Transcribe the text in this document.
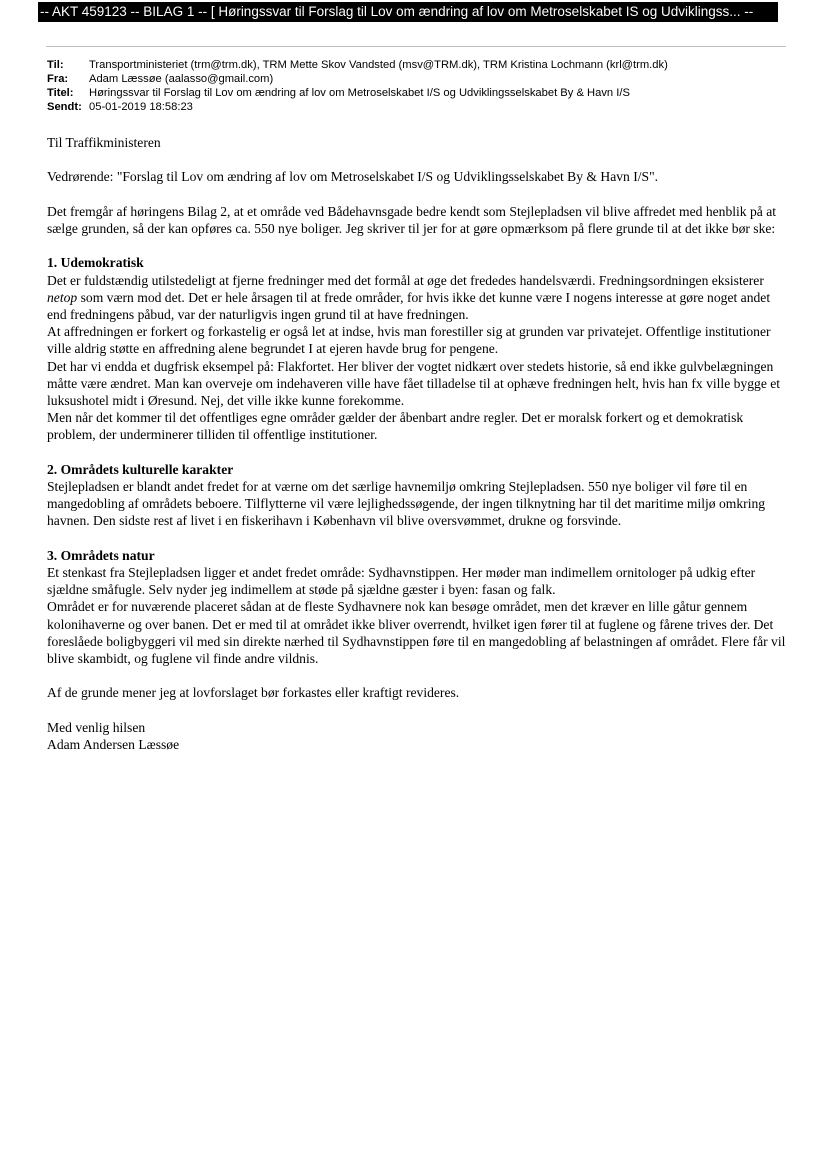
-- AKT 459123 -- BILAG 1 -- [ Høringssvar til Forslag til Lov om ændring af lov om Metroselskabet IS og Udviklingss... --
Til:	Transportministeriet (trm@trm.dk), TRM Mette Skov Vandsted (msv@TRM.dk), TRM Kristina Lochmann (krl@trm.dk)
Fra:	Adam Læssøe (aalasso@gmail.com)
Titel:	Høringssvar til Forslag til Lov om ændring af lov om Metroselskabet I/S og Udviklingsselskabet By & Havn I/S
Sendt: 05-01-2019 18:58:23

Til Traffikministeren

Vedrørende: "Forslag til Lov om ændring af lov om Metroselskabet I/S og Udviklingsselskabet By & Havn I/S".

Det fremgår af høringens Bilag 2, at et område ved Bådehavnsgade bedre kendt som Stejlepladsen vil blive affredet med henblik på at sælge grunden, så der kan opføres ca. 550 nye boliger. Jeg skriver til jer for at gøre opmærksom på flere grunde til at det ikke bør ske:

1. Udemokratisk
Det er fuldstændig utilstedeligt at fjerne fredninger med det formål at øge det frededes handelsværdi. Fredningsordningen eksisterer netop som værn mod det. Det er hele årsagen til at frede områder, for hvis ikke det kunne være I nogens interesse at gøre noget andet end fredningens påbud, var der naturligvis ingen grund til at have fredningen.
At affredningen er forkert og forkastelig er også let at indse, hvis man forestiller sig at grunden var privatejet. Offentlige institutioner ville aldrig støtte en affredning alene begrundet I at ejeren havde brug for pengene.
Det har vi endda et dugfrisk eksempel på: Flakfortet. Her bliver der vogtet nidkært over stedets historie, så end ikke gulvbelægningen måtte være ændret. Man kan overveje om indehaveren ville have fået tilladelse til at ophæve fredningen helt, hvis han fx ville bygge et luksushotel midt i Øresund. Nej, det ville ikke kunne forekomme.
Men når det kommer til det offentliges egne områder gælder der åbenbart andre regler. Det er moralsk forkert og et demokratisk problem, der underminerer tilliden til offentlige institutioner.
2. Områdets kulturelle karakter
Stejlepladsen er blandt andet fredet for at værne om det særlige havnemiljø omkring Stejlepladsen. 550 nye boliger vil føre til en mangedobling af områdets beboere. Tilflytterne vil være lejlighedssøgende, der ingen tilknytning har til det maritime miljø omkring havnen. Den sidste rest af livet i en fiskerihavn i København vil blive oversvømmet, drukne og forsvinde.
3. Områdets natur
Et stenkast fra Stejlepladsen ligger et andet fredet område: Sydhavnstippen. Her møder man indimellem ornitologer på udkig efter sjældne småfugle. Selv nyder jeg indimellem at støde på sjældne gæster i byen: fasan og falk.
Området er for nuværende placeret sådan at de fleste Sydhavnere nok kan besøge området, men det kræver en lille gåtur gennem kolonihaverne og over banen. Det er med til at området ikke bliver overrendt, hvilket igen fører til at fuglene og fårene trives der. Det foreslåede boligbyggeri vil med sin direkte nærhed til Sydhavnstippen føre til en mangedobling af belastningen af området. Flere får vil blive skambidt, og fuglene vil finde andre vildnis.

Af de grunde mener jeg at lovforslaget bør forkastes eller kraftigt revideres.

Med venlig hilsen
Adam Andersen Læssøe
